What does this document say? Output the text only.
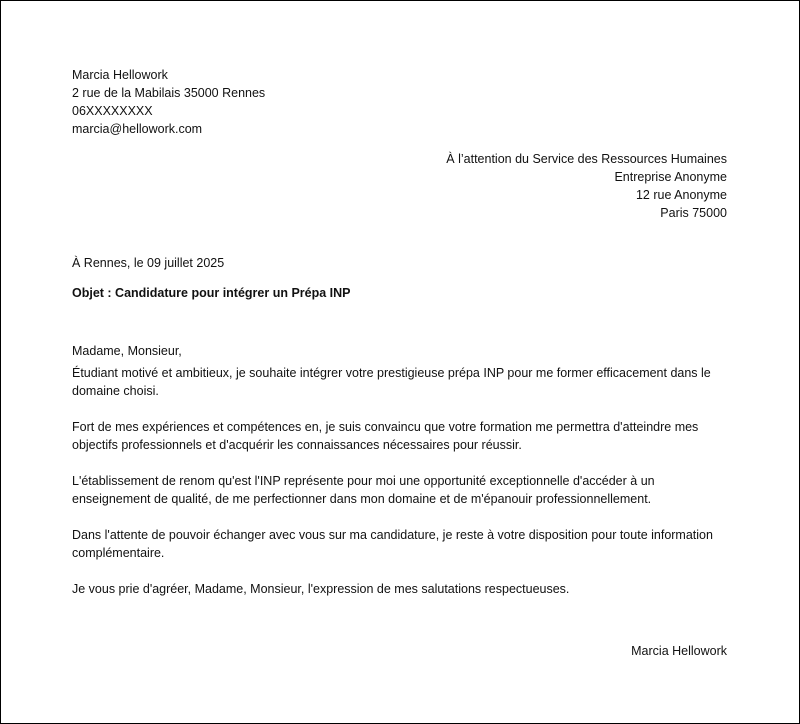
Marcia Hellowork
2 rue de la Mabilais 35000 Rennes
06XXXXXXXX
marcia@hellowork.com
À l’attention du Service des Ressources Humaines
Entreprise Anonyme
12 rue Anonyme
Paris 75000
À Rennes, le 09 juillet 2025
Objet : Candidature pour intégrer un Prépa INP

Madame, Monsieur,

Étudiant motivé et ambitieux, je souhaite intégrer votre prestigieuse prépa INP pour me former efficacement dans le domaine choisi.

Fort de mes expériences et compétences en, je suis convaincu que votre formation me permettra d'atteindre mes objectifs professionnels et d'acquérir les connaissances nécessaires pour réussir.

L'établissement de renom qu'est l'INP représente pour moi une opportunité exceptionnelle d'accéder à un enseignement de qualité, de me perfectionner dans mon domaine et de m'épanouir professionnellement.

Dans l'attente de pouvoir échanger avec vous sur ma candidature, je reste à votre disposition pour toute information complémentaire.

Je vous prie d'agréer, Madame, Monsieur, l'expression de mes salutations respectueuses.

Marcia Hellowork
